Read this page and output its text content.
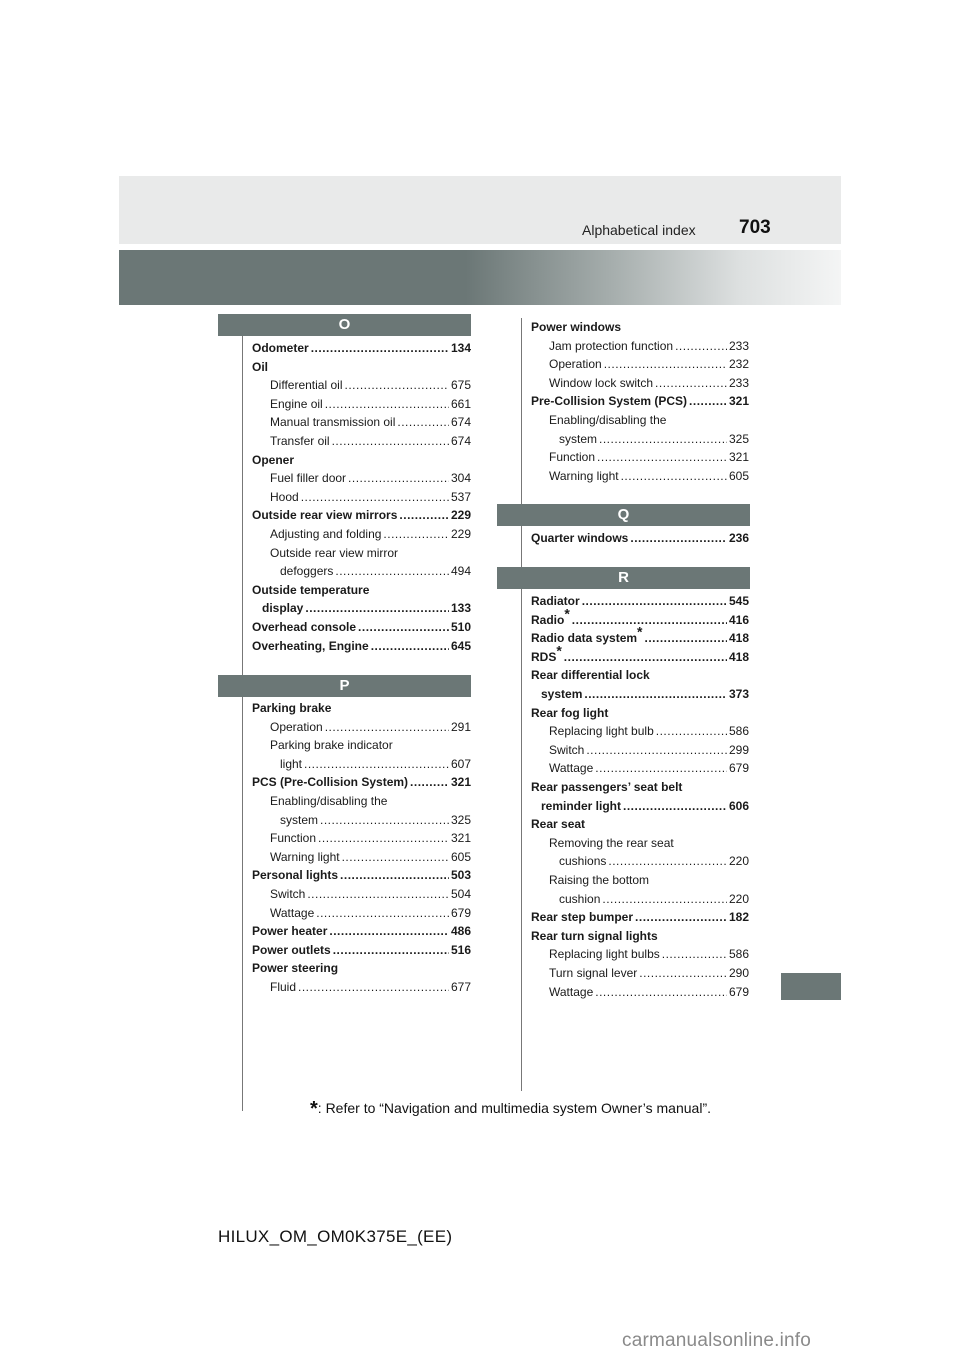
Alphabetical index 703
O
P
Q
R
Odometer .....	134
Oil
Differential oil .....	675
Engine oil .....	661
Manual transmission oil .....	674
Transfer oil .....	674
Opener
Fuel filler door .....	304
Hood .....	537
Outside rear view mirrors .....	229
Adjusting and folding .....	229
Outside rear view mirror
defoggers .....	494
Outside temperature
display .....	133
Overhead console .....	510
Overheating, Engine .....	645
Parking brake
Operation .....	291
Parking brake indicator
light .....	607
PCS (Pre-Collision System) .....	321
Enabling/disabling the
system .....	325
Function .....	321
Warning light .....	605
Personal lights .....	503
Switch .....	504
Wattage .....	679
Power heater .....	486
Power outlets .....	516
Power steering
Fluid .....	677
Power windows
Jam protection function .....	233
Operation .....	232
Window lock switch .....	233
Pre-Collision System (PCS) .....	321
Enabling/disabling the
system .....	325
Function .....	321
Warning light .....	605
Quarter windows .....	236
Radiator .....	545
Radio* .....	416
Radio data system* .....	418
RDS* .....	418
Rear differential lock
system .....	373
Rear fog light
Replacing light bulb .....	586
Switch .....	299
Wattage .....	679
Rear passengers’ seat belt
reminder light .....	606
Rear seat
Removing the rear seat
cushions .....	220
Raising the bottom
cushion .....	220
Rear step bumper .....	182
Rear turn signal lights
Replacing light bulbs .....	586
Turn signal lever .....	290
Wattage .....	679
*: Refer to “Navigation and multimedia system Owner’s manual”.
HILUX_OM_OM0K375E_(EE)
carmanualsonline.info
